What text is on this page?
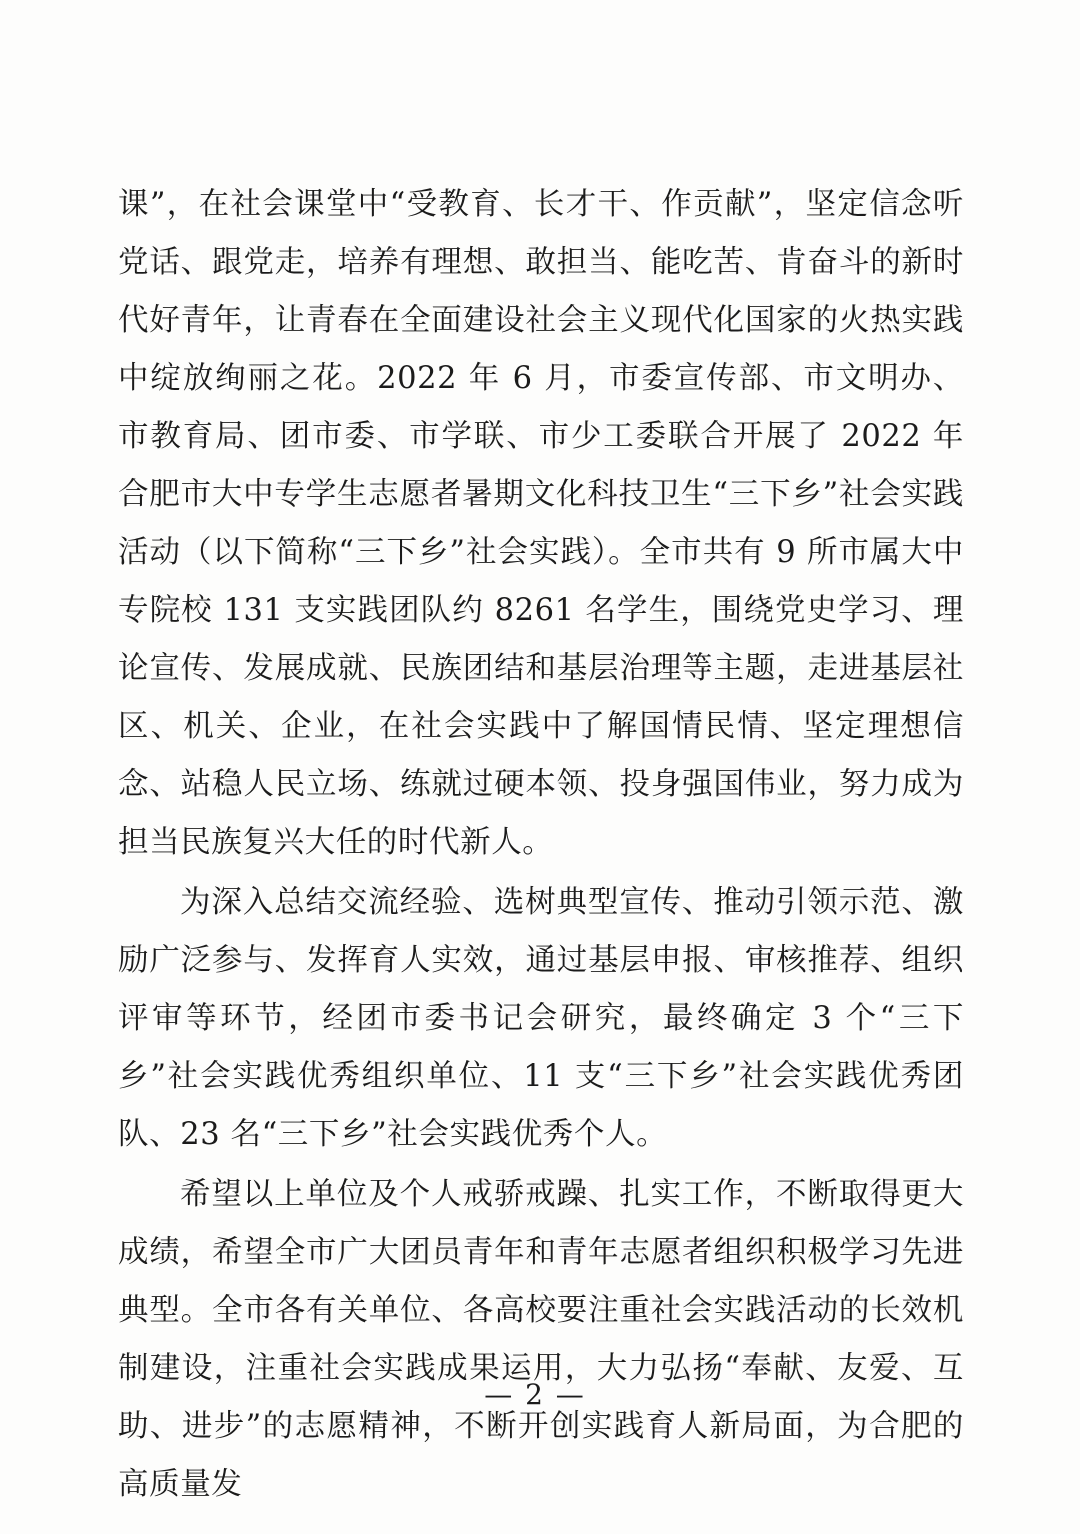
课”，在社会课堂中“受教育、长才干、作贡献”，坚定信念听党话、跟党走，培养有理想、敢担当、能吃苦、肯奋斗的新时代好青年，让青春在全面建设社会主义现代化国家的火热实践中绽放绚丽之花。2022 年 6 月，市委宣传部、市文明办、市教育局、团市委、市学联、市少工委联合开展了 2022 年合肥市大中专学生志愿者暑期文化科技卫生“三下乡”社会实践活动（以下简称“三下乡”社会实践）。全市共有 9 所市属大中专院校 131 支实践团队约 8261 名学生，围绕党史学习、理论宣传、发展成就、民族团结和基层治理等主题，走进基层社区、机关、企业，在社会实践中了解国情民情、坚定理想信念、站稳人民立场、练就过硬本领、投身强国伟业，努力成为担当民族复兴大任的时代新人。

为深入总结交流经验、选树典型宣传、推动引领示范、激励广泛参与、发挥育人实效，通过基层申报、审核推荐、组织评审等环节，经团市委书记会研究，最终确定 3 个“三下乡”社会实践优秀组织单位、11 支“三下乡”社会实践优秀团队、23 名“三下乡”社会实践优秀个人。

希望以上单位及个人戒骄戒躁、扎实工作，不断取得更大成绩，希望全市广大团员青年和青年志愿者组织积极学习先进典型。全市各有关单位、各高校要注重社会实践活动的长效机制建设，注重社会实践成果运用，大力弘扬“奉献、友爱、互助、进步”的志愿精神，不断开创实践育人新局面，为合肥的高质量发

— 2 —
